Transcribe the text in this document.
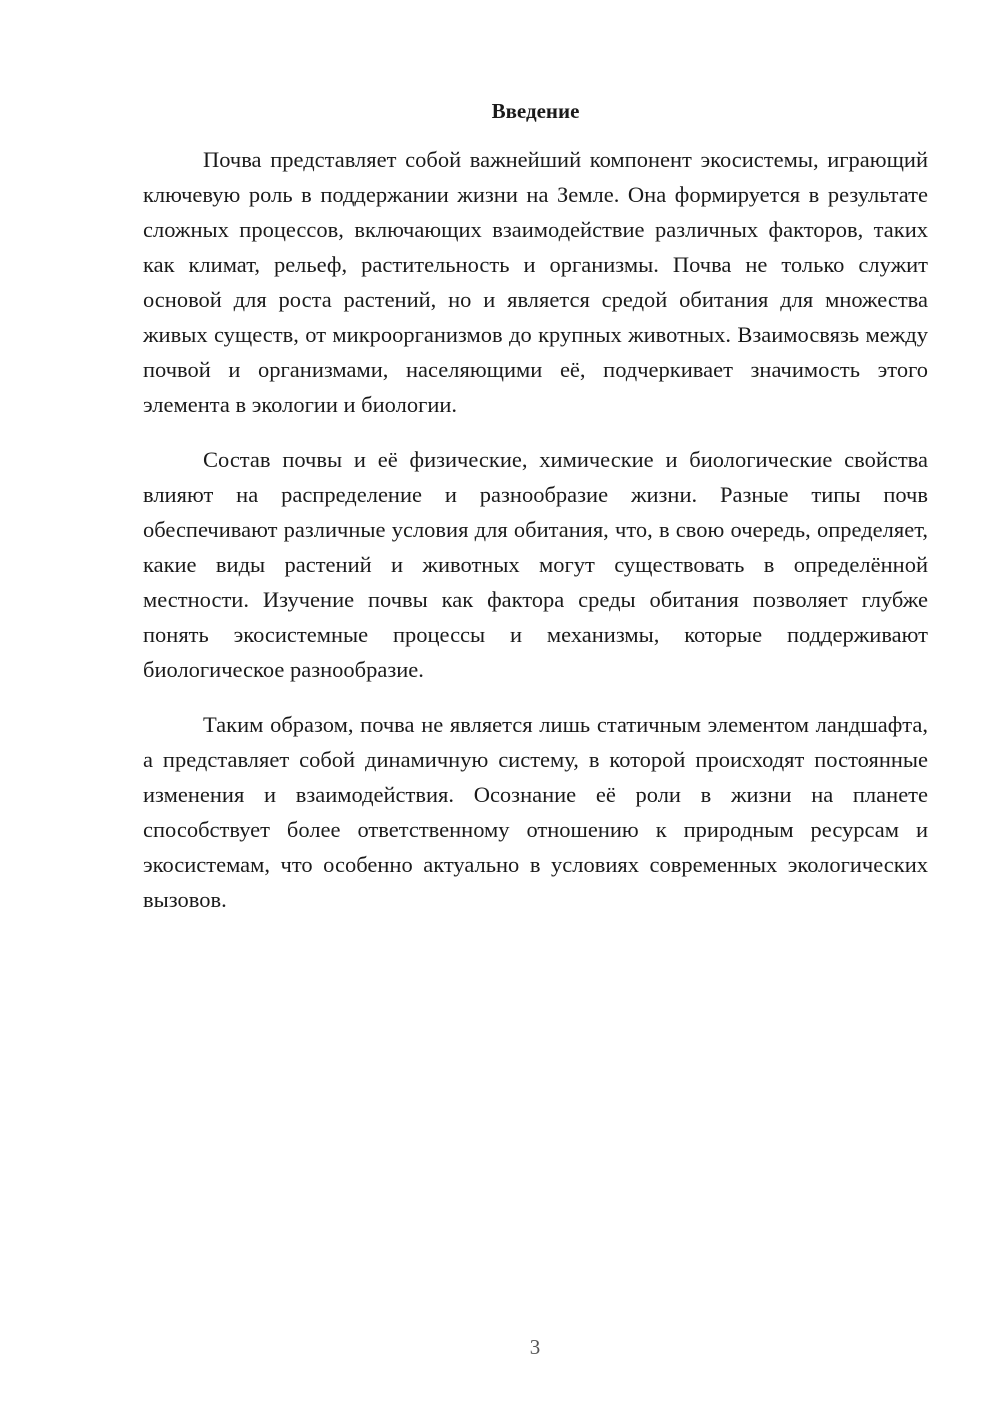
Введение

Почва представляет собой важнейший компонент экосистемы, играющий ключевую роль в поддержании жизни на Земле. Она формируется в результате сложных процессов, включающих взаимодействие различных факторов, таких как климат, рельеф, растительность и организмы. Почва не только служит основой для роста растений, но и является средой обитания для множества живых существ, от микроорганизмов до крупных животных. Взаимосвязь между почвой и организмами, населяющими её, подчеркивает значимость этого элемента в экологии и биологии.

Состав почвы и её физические, химические и биологические свойства влияют на распределение и разнообразие жизни. Разные типы почв обеспечивают различные условия для обитания, что, в свою очередь, определяет, какие виды растений и животных могут существовать в определённой местности. Изучение почвы как фактора среды обитания позволяет глубже понять экосистемные процессы и механизмы, которые поддерживают биологическое разнообразие.

Таким образом, почва не является лишь статичным элементом ландшафта, а представляет собой динамичную систему, в которой происходят постоянные изменения и взаимодействия. Осознание её роли в жизни на планете способствует более ответственному отношению к природным ресурсам и экосистемам, что особенно актуально в условиях современных экологических вызовов.

3
